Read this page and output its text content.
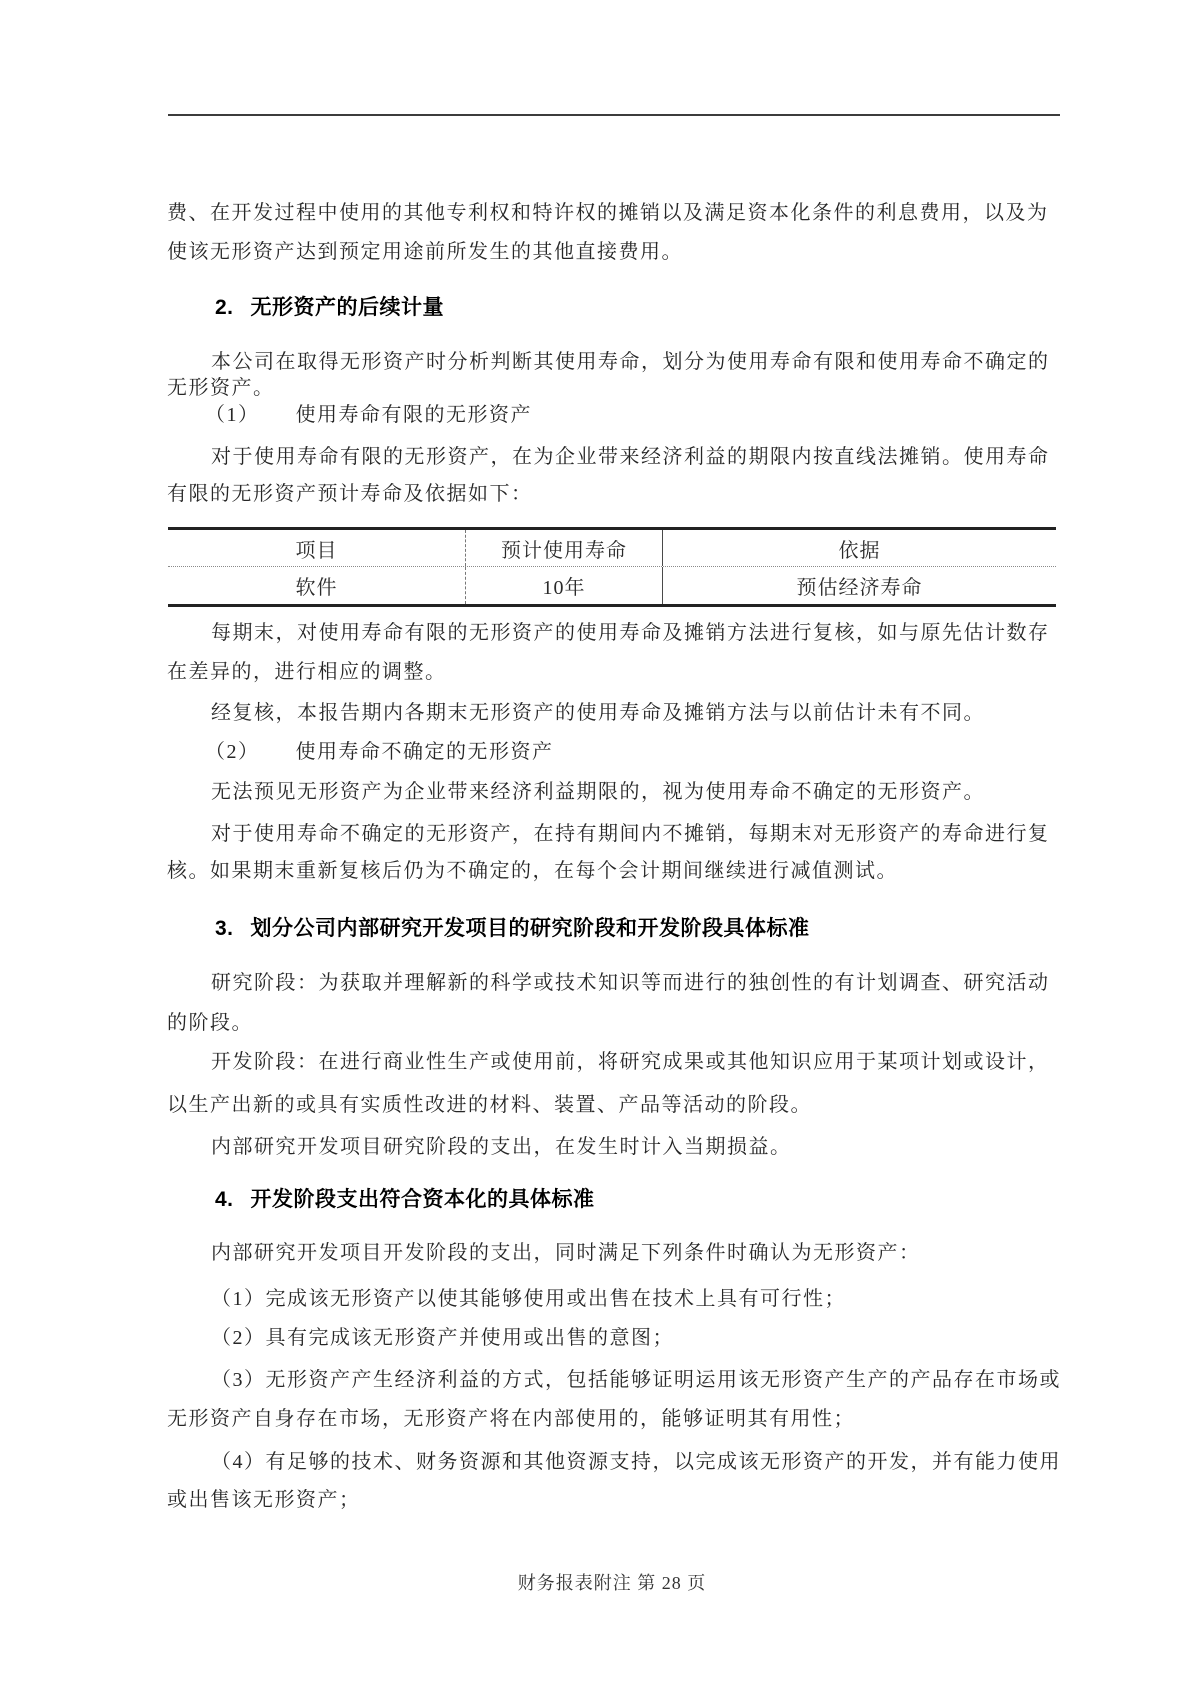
费、在开发过程中使用的其他专利权和特许权的摊销以及满足资本化条件的利息费用，以及为
使该无形资产达到预定用途前所发生的其他直接费用。
2. 无形资产的后续计量
本公司在取得无形资产时分析判断其使用寿命，划分为使用寿命有限和使用寿命不确定的
无形资产。
（1） 使用寿命有限的无形资产
对于使用寿命有限的无形资产，在为企业带来经济利益的期限内按直线法摊销。使用寿命
有限的无形资产预计寿命及依据如下：
项目	预计使用寿命	依据
软件	10年	预估经济寿命
每期末，对使用寿命有限的无形资产的使用寿命及摊销方法进行复核，如与原先估计数存
在差异的，进行相应的调整。
经复核，本报告期内各期末无形资产的使用寿命及摊销方法与以前估计未有不同。
（2） 使用寿命不确定的无形资产
无法预见无形资产为企业带来经济利益期限的，视为使用寿命不确定的无形资产。
对于使用寿命不确定的无形资产，在持有期间内不摊销，每期末对无形资产的寿命进行复
核。如果期末重新复核后仍为不确定的，在每个会计期间继续进行减值测试。
3. 划分公司内部研究开发项目的研究阶段和开发阶段具体标准
研究阶段：为获取并理解新的科学或技术知识等而进行的独创性的有计划调查、研究活动
的阶段。
开发阶段：在进行商业性生产或使用前，将研究成果或其他知识应用于某项计划或设计，
以生产出新的或具有实质性改进的材料、装置、产品等活动的阶段。
内部研究开发项目研究阶段的支出，在发生时计入当期损益。
4. 开发阶段支出符合资本化的具体标准
内部研究开发项目开发阶段的支出，同时满足下列条件时确认为无形资产：
（1）完成该无形资产以使其能够使用或出售在技术上具有可行性；
（2）具有完成该无形资产并使用或出售的意图；
（3）无形资产产生经济利益的方式，包括能够证明运用该无形资产生产的产品存在市场或
无形资产自身存在市场，无形资产将在内部使用的，能够证明其有用性；
（4）有足够的技术、财务资源和其他资源支持，以完成该无形资产的开发，并有能力使用
或出售该无形资产；
财务报表附注 第 28 页
